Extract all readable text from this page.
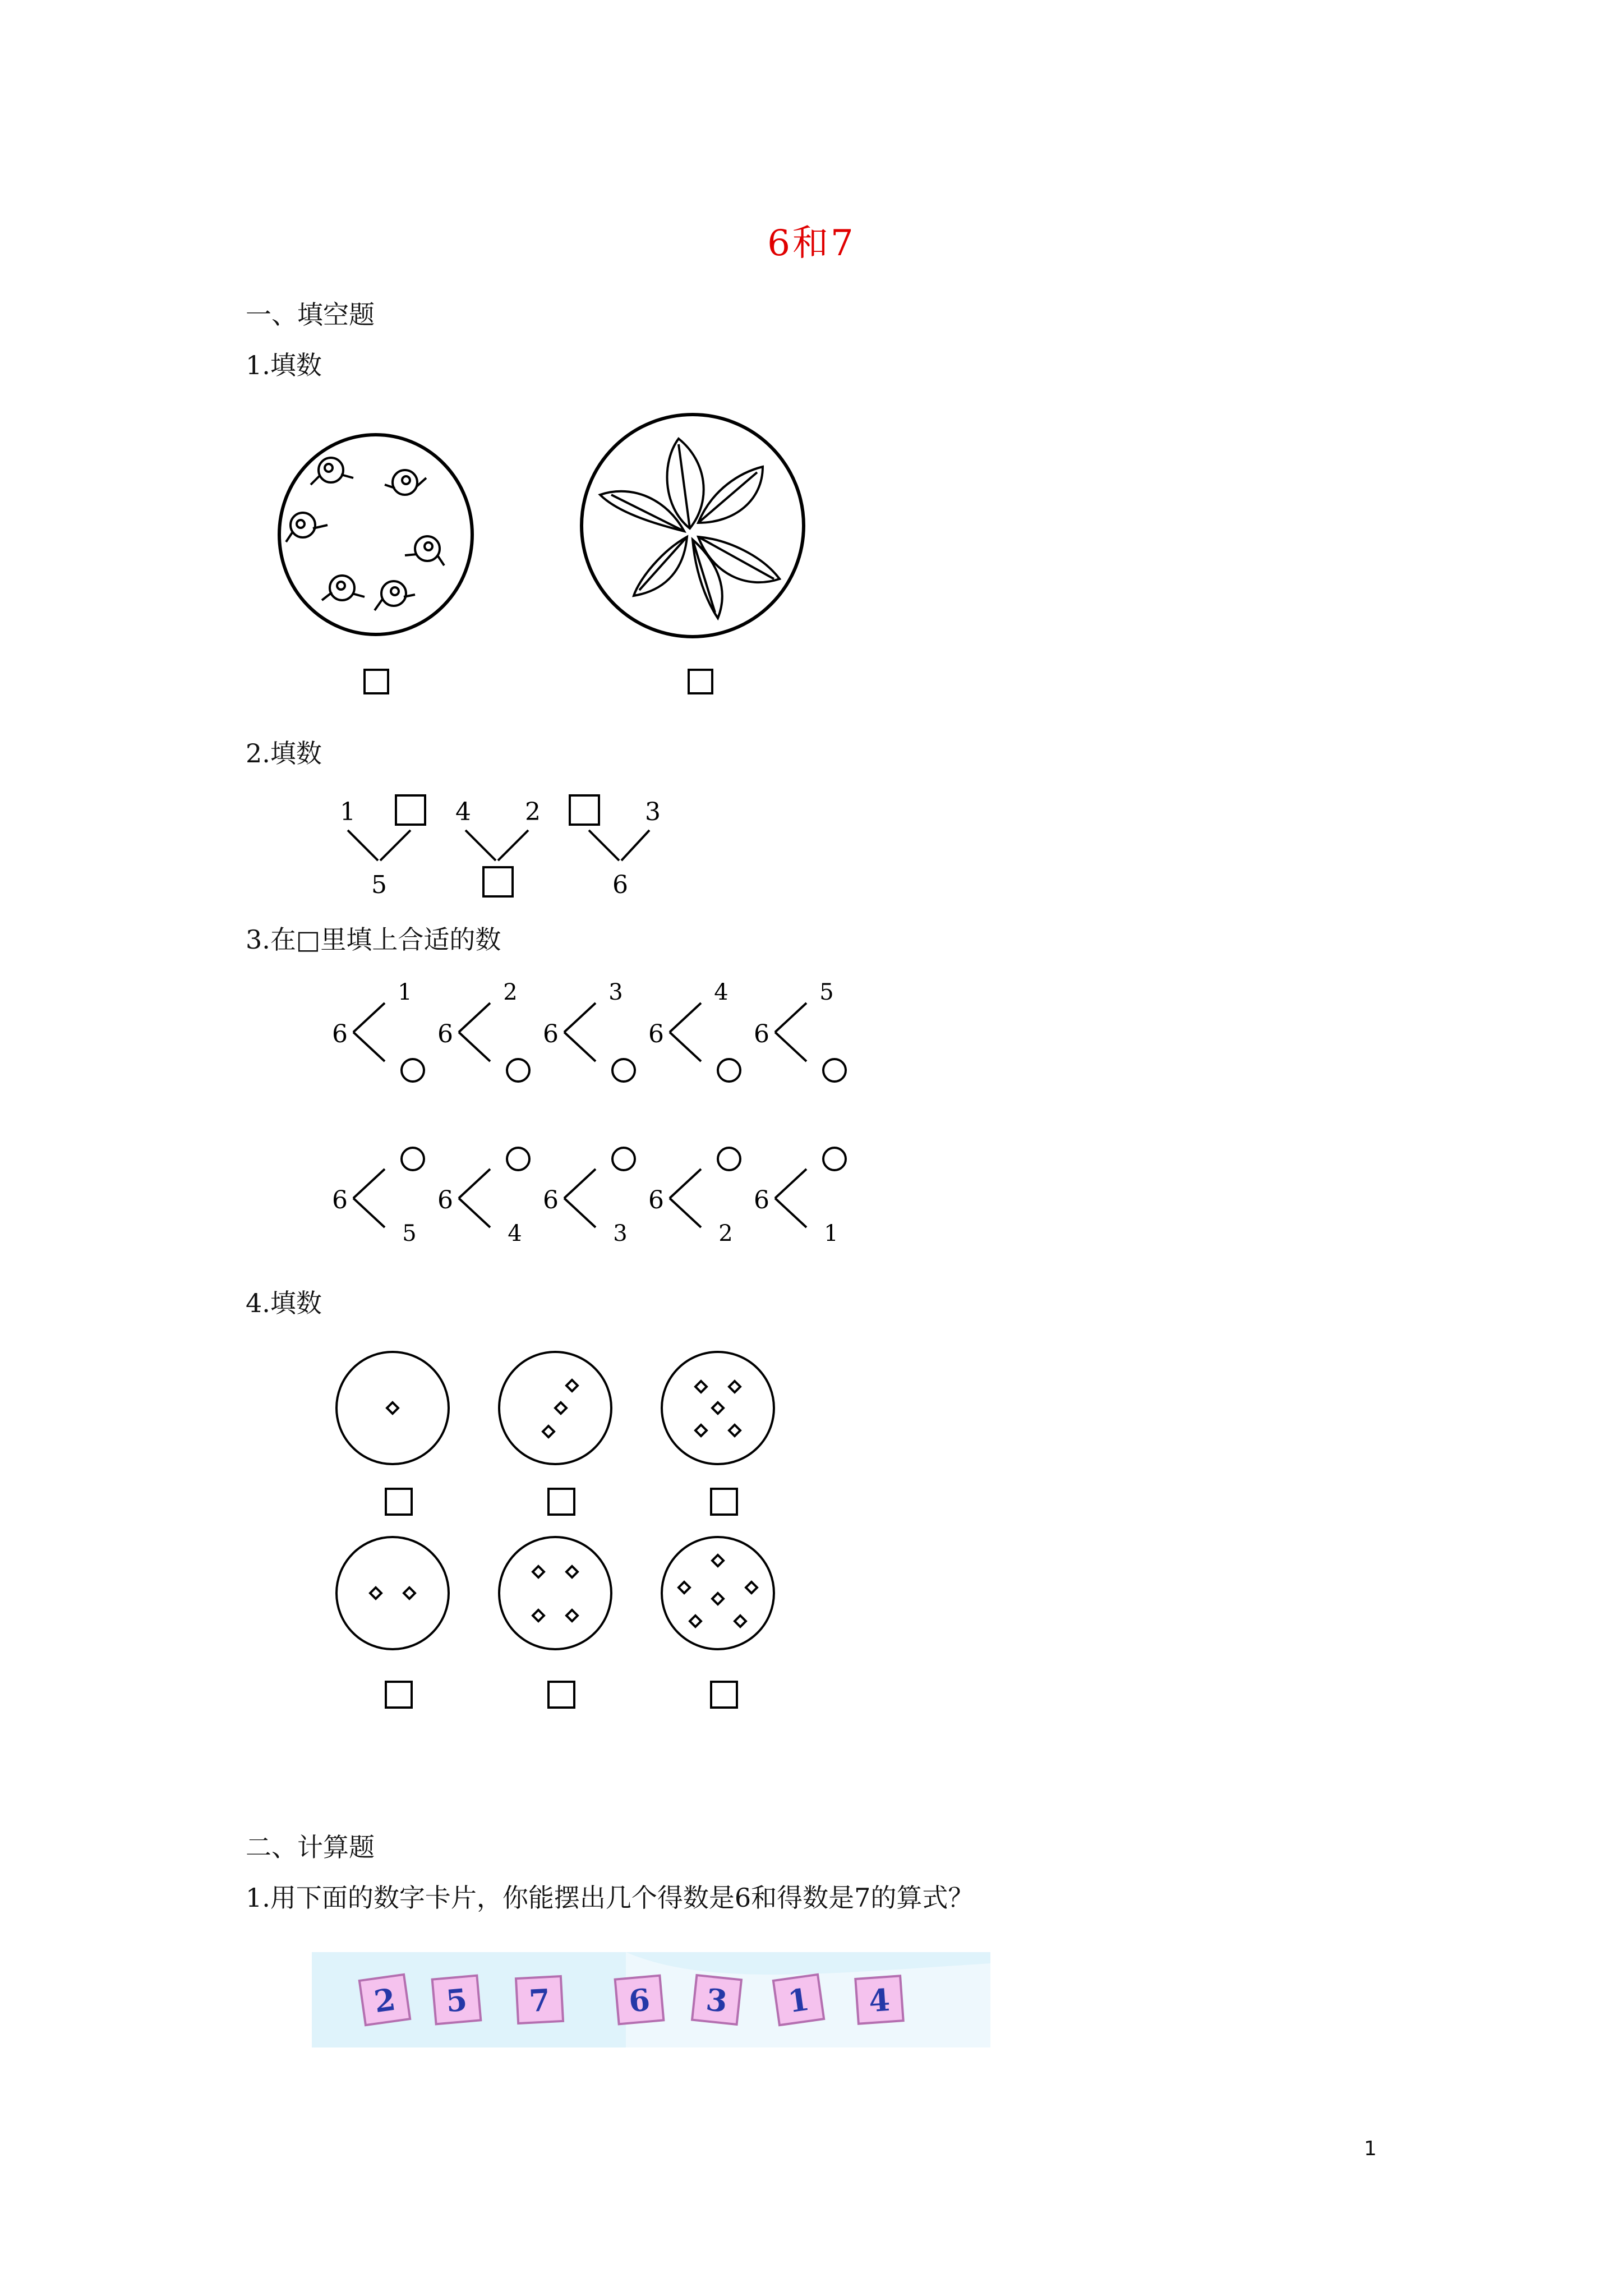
6和7
一、填空题
1.填数
2.填数
1
5
4 2	3
6
3.在□里填上合适的数
6
1
6
2
6
3
6
4
6
5
6
5
6
4
6
3
6
2
6
1
4.填数
二、计算题
1.用下面的数字卡片，你能摆出几个得数是6和得数是7的算式？
2 5 7	6 3 1 4
1
